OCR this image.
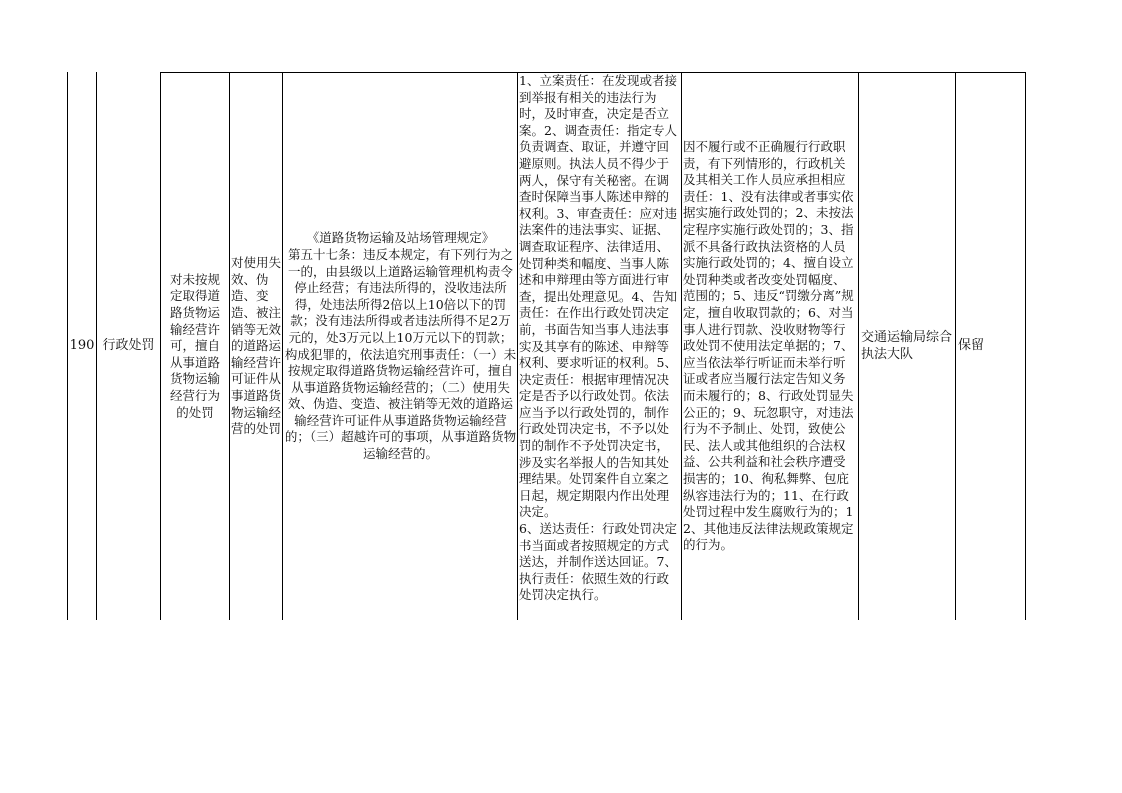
190 行政处罚
对未按规定取得道路货物运输经营许可，擅自从事道路货物运输经营行为的处罚
对使用失效、伪造、变造、被注销等无效的道路运输经营许可证件从事道路货物运输经营的处罚
《道路货物运输及站场管理规定》
第五十七条：违反本规定，有下列行为之一的，由县级以上道路运输管理机构责令停止经营；有违法所得的，没收违法所得，处违法所得2倍以上10倍以下的罚款；没有违法所得或者违法所得不足2万元的，处3万元以上10万元以下的罚款；构成犯罪的，依法追究刑事责任：（一）未按规定取得道路货物运输经营许可，擅自从事道路货物运输经营的；（二）使用失效、伪造、变造、被注销等无效的道路运输经营许可证件从事道路货物运输经营的；（三）超越许可的事项，从事道路货物运输经营的。
1、立案责任：在发现或者接到举报有相关的违法行为时，及时审查，决定是否立案。2、调查责任：指定专人负责调查、取证，并遵守回避原则。执法人员不得少于两人，保守有关秘密。在调查时保障当事人陈述申辩的权利。3、审查责任：应对违法案件的违法事实、证据、调查取证程序、法律适用、处罚种类和幅度、当事人陈述和申辩理由等方面进行审查，提出处理意见。4、告知责任：在作出行政处罚决定前，书面告知当事人违法事实及其享有的陈述、申辩等权利、要求听证的权利。5、决定责任：根据审理情况决定是否予以行政处罚。依法应当予以行政处罚的，制作行政处罚决定书，不予以处罚的制作不予处罚决定书，涉及实名举报人的告知其处理结果。处罚案件自立案之日起，规定期限内作出处理决定。
6、送达责任：行政处罚决定书当面或者按照规定的方式送达，并制作送达回证。7、执行责任：依照生效的行政处罚决定执行。
因不履行或不正确履行行政职责，有下列情形的，行政机关及其相关工作人员应承担相应责任：1、没有法律或者事实依据实施行政处罚的；2、未按法定程序实施行政处罚的；3、指派不具备行政执法资格的人员实施行政处罚的；4、擅自设立处罚种类或者改变处罚幅度、范围的；5、违反“罚缴分离”规定，擅自收取罚款的；6、对当事人进行罚款、没收财物等行政处罚不使用法定单据的；7、应当依法举行听证而未举行听证或者应当履行法定告知义务而未履行的；8、行政处罚显失公正的；9、玩忽职守，对违法行为不予制止、处罚，致使公民、法人或其他组织的合法权益、公共利益和社会秩序遭受损害的；10、徇私舞弊、包庇纵容违法行为的；11、在行政处罚过程中发生腐败行为的；12、其他违反法律法规政策规定的行为。
交通运输局综合执法大队
保留
